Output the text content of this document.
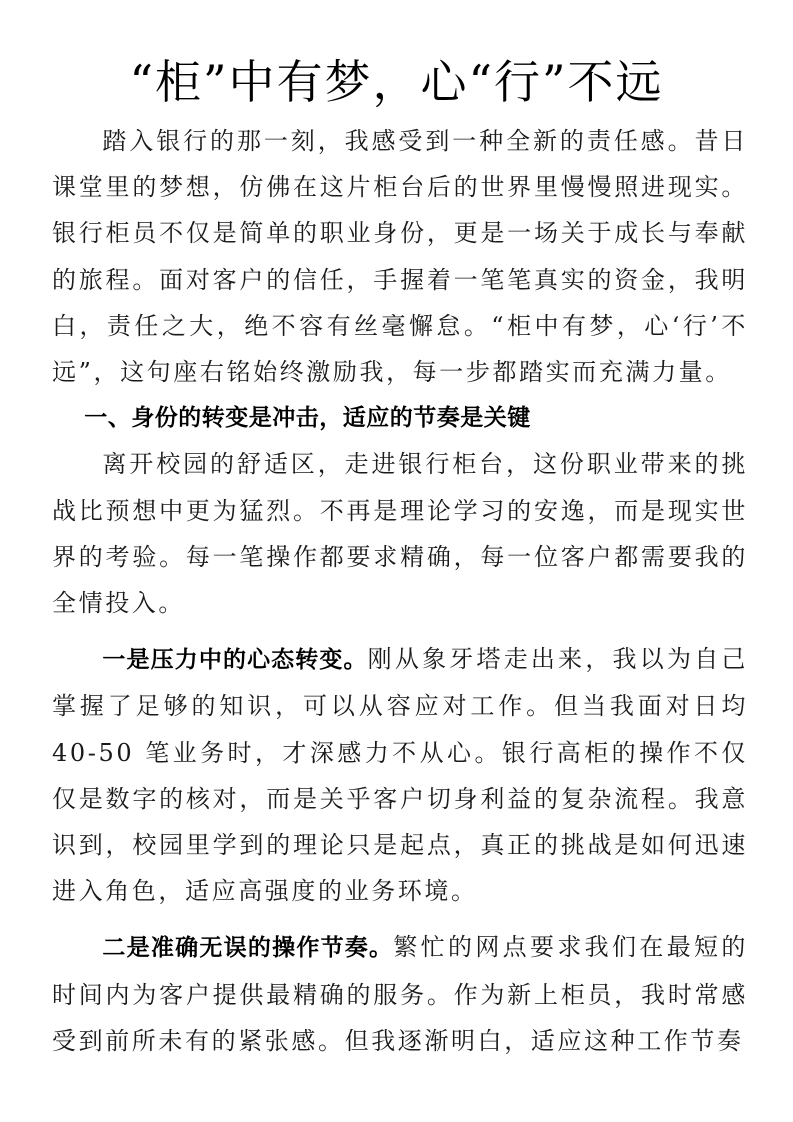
“柜”中有梦，心“行”不远

踏入银行的那一刻，我感受到一种全新的责任感。昔日课堂里的梦想，仿佛在这片柜台后的世界里慢慢照进现实。银行柜员不仅是简单的职业身份，更是一场关于成长与奉献的旅程。面对客户的信任，手握着一笔笔真实的资金，我明白，责任之大，绝不容有丝毫懈怠。“柜中有梦，心‘行’不远”，这句座右铭始终激励我，每一步都踏实而充满力量。

一、身份的转变是冲击，适应的节奏是关键

离开校园的舒适区，走进银行柜台，这份职业带来的挑战比预想中更为猛烈。不再是理论学习的安逸，而是现实世界的考验。每一笔操作都要求精确，每一位客户都需要我的全情投入。

一是压力中的心态转变。刚从象牙塔走出来，我以为自己掌握了足够的知识，可以从容应对工作。但当我面对日均40-50 笔业务时，才深感力不从心。银行高柜的操作不仅仅是数字的核对，而是关乎客户切身利益的复杂流程。我意识到，校园里学到的理论只是起点，真正的挑战是如何迅速进入角色，适应高强度的业务环境。

二是准确无误的操作节奏。繁忙的网点要求我们在最短的时间内为客户提供最精确的服务。作为新上柜员，我时常感受到前所未有的紧张感。但我逐渐明白，适应这种工作节奏
